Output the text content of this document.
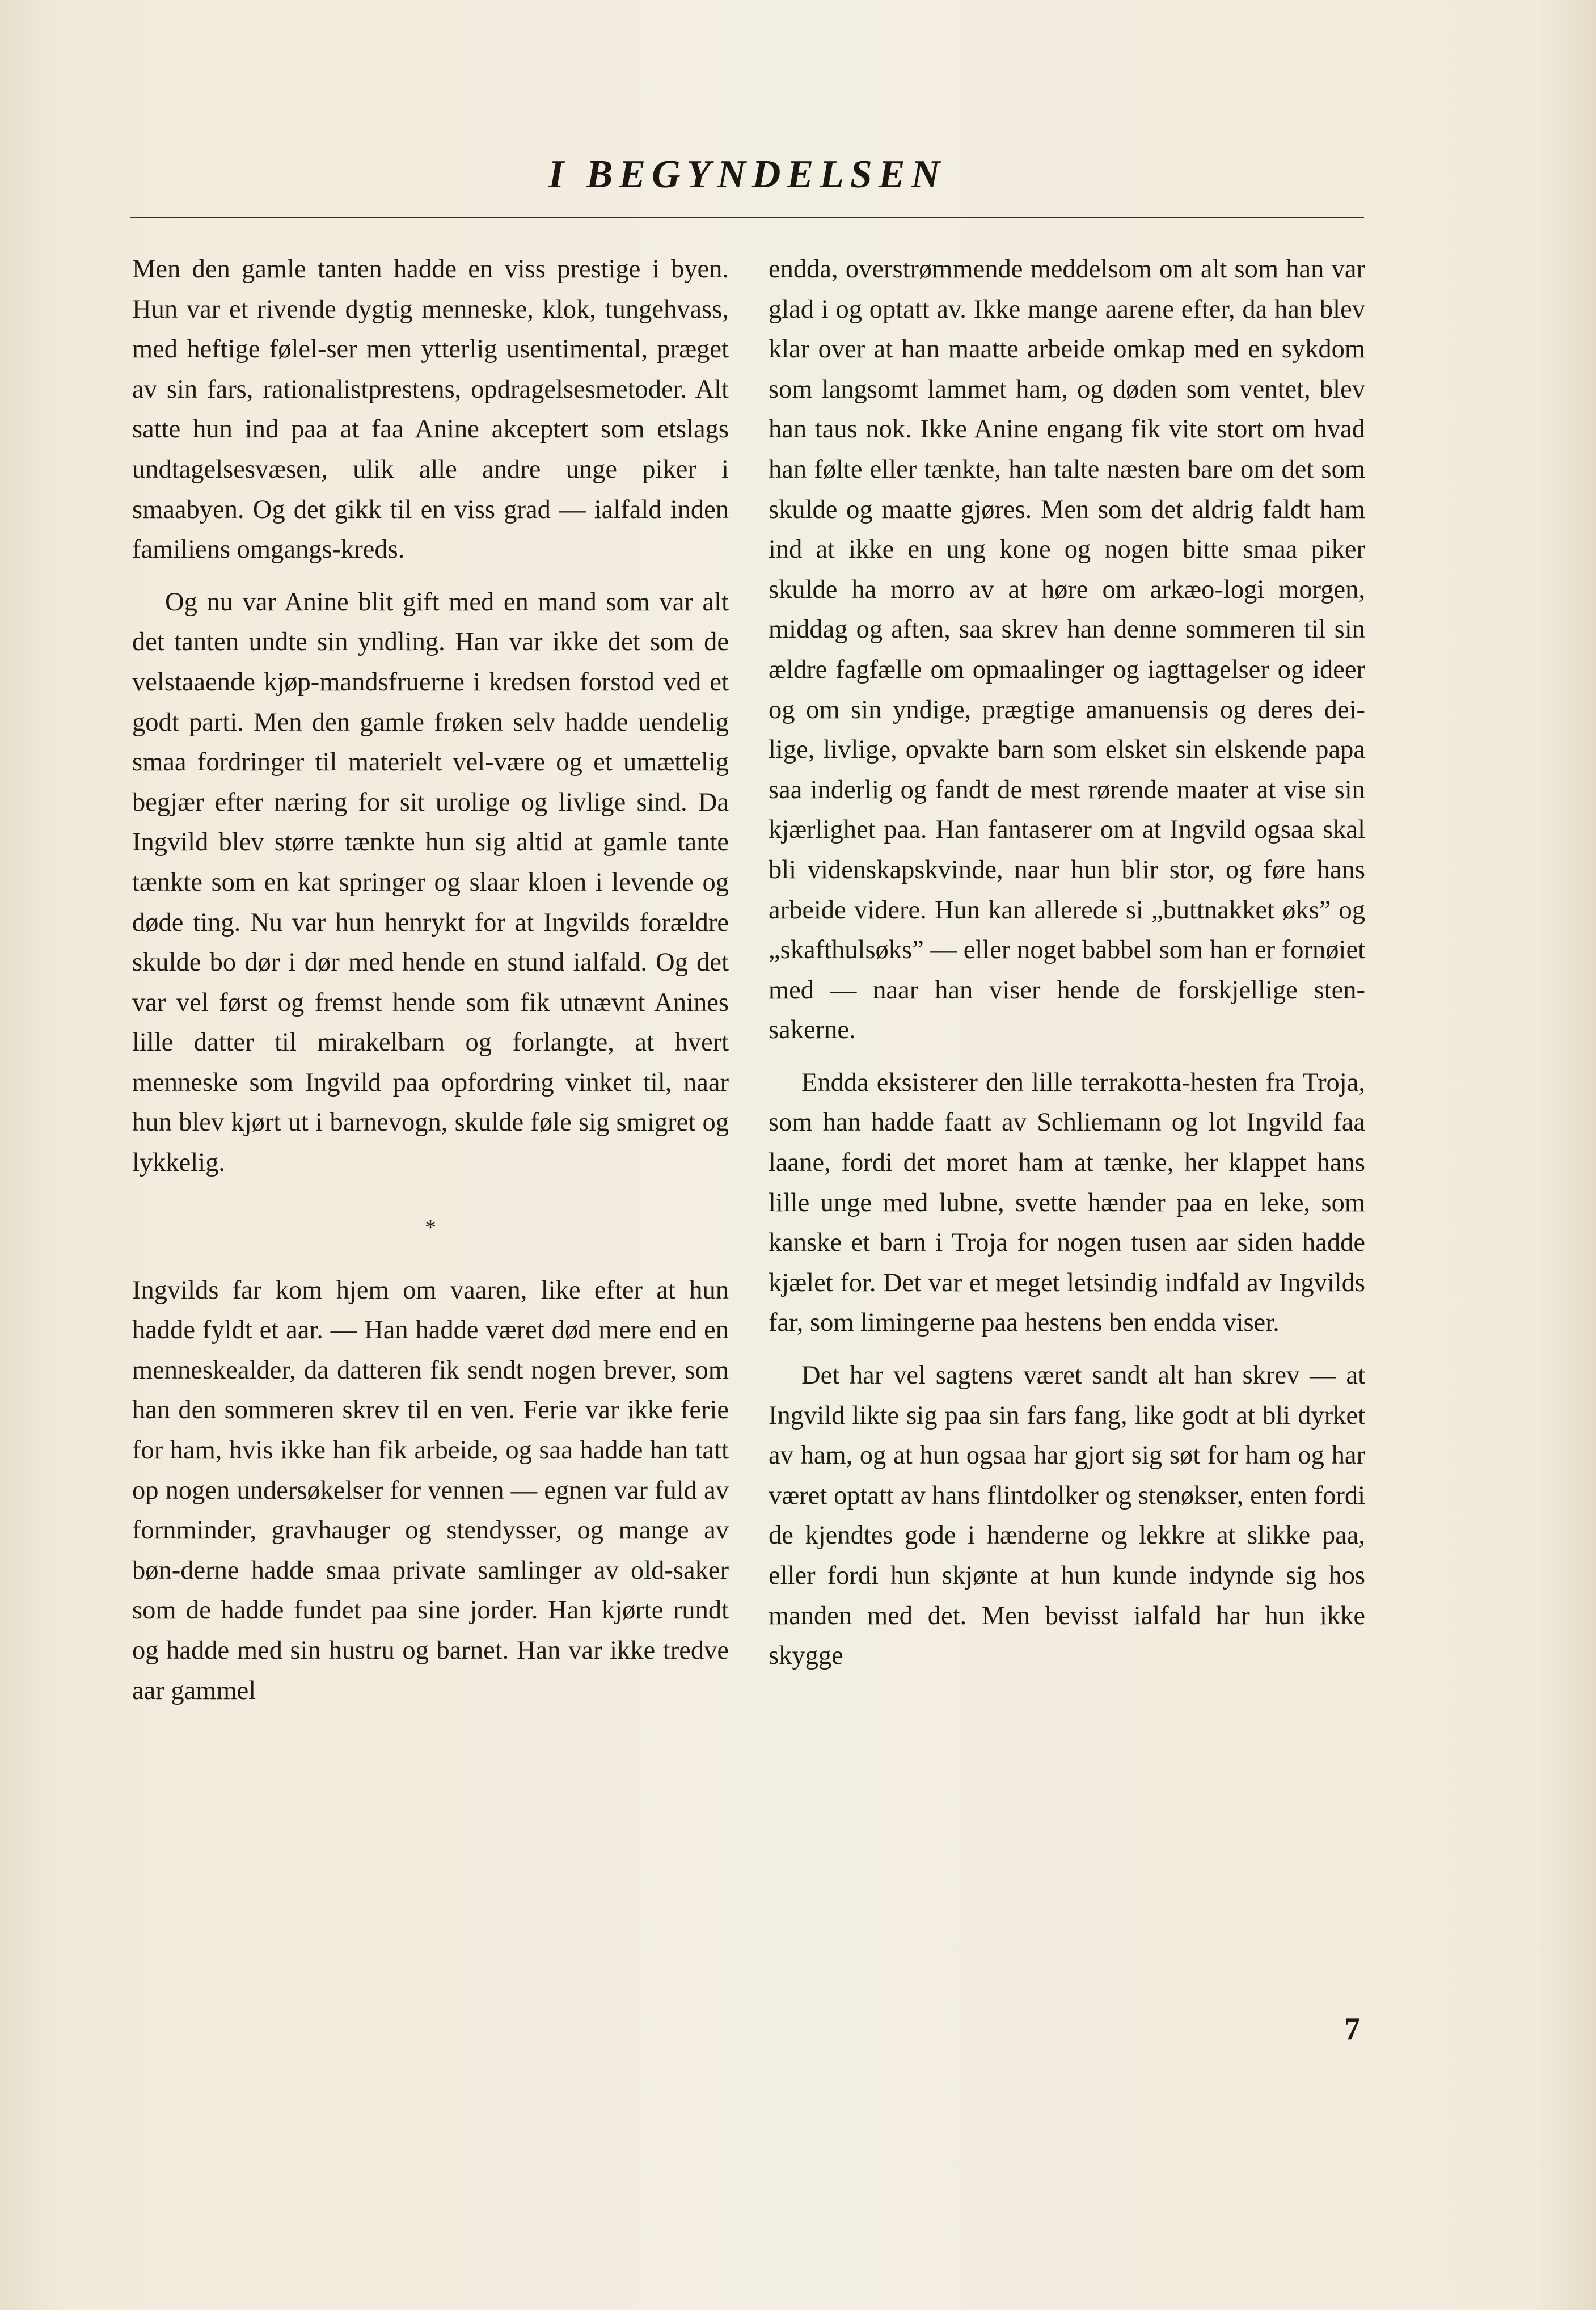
I BEGYNDELSEN

Men den gamle tanten hadde en viss prestige i byen. Hun var et rivende dygtig menneske, klok, tungehvass, med heftige følel-ser men ytterlig usentimental, præget av sin fars, rationalistprestens, opdragelsesmetoder. Alt satte hun ind paa at faa Anine akceptert som etslags undtagelsesvæsen, ulik alle andre unge piker i smaabyen. Og det gikk til en viss grad — ialfald inden familiens omgangs-kreds.

Og nu var Anine blit gift med en mand som var alt det tanten undte sin yndling. Han var ikke det som de velstaaende kjøp-mandsfruerne i kredsen forstod ved et godt parti. Men den gamle frøken selv hadde uendelig smaa fordringer til materielt vel-være og et umættelig begjær efter næring for sit urolige og livlige sind. Da Ingvild blev større tænkte hun sig altid at gamle tante tænkte som en kat springer og slaar kloen i levende og døde ting. Nu var hun henrykt for at Ingvilds forældre skulde bo dør i dør med hende en stund ialfald. Og det var vel først og fremst hende som fik utnævnt Anines lille datter til mirakelbarn og forlangte, at hvert menneske som Ingvild paa opfordring vinket til, naar hun blev kjørt ut i barnevogn, skulde føle sig smigret og lykkelig.

*

Ingvilds far kom hjem om vaaren, like efter at hun hadde fyldt et aar. — Han hadde været død mere end en menneskealder, da datteren fik sendt nogen brever, som han den sommeren skrev til en ven. Ferie var ikke ferie for ham, hvis ikke han fik arbeide, og saa hadde han tatt op nogen undersøkelser for vennen — egnen var fuld av fornminder, gravhauger og stendysser, og mange av bøn-derne hadde smaa private samlinger av old-saker som de hadde fundet paa sine jorder. Han kjørte rundt og hadde med sin hustru og barnet. Han var ikke tredve aar gammel

endda, overstrømmende meddelsom om alt som han var glad i og optatt av. Ikke mange aarene efter, da han blev klar over at han maatte arbeide omkap med en sykdom som langsomt lammet ham, og døden som ventet, blev han taus nok. Ikke Anine engang fik vite stort om hvad han følte eller tænkte, han talte næsten bare om det som skulde og maatte gjøres. Men som det aldrig faldt ham ind at ikke en ung kone og nogen bitte smaa piker skulde ha morro av at høre om arkæo-logi morgen, middag og aften, saa skrev han denne sommeren til sin ældre fagfælle om opmaalinger og iagttagelser og ideer og om sin yndige, prægtige amanuensis og deres dei-lige, livlige, opvakte barn som elsket sin elskende papa saa inderlig og fandt de mest rørende maater at vise sin kjærlighet paa. Han fantaserer om at Ingvild ogsaa skal bli videnskapskvinde, naar hun blir stor, og føre hans arbeide videre. Hun kan allerede si „buttnakket øks” og „skafthulsøks” — eller noget babbel som han er fornøiet med — naar han viser hende de forskjellige sten-sakerne.

Endda eksisterer den lille terrakotta-hesten fra Troja, som han hadde faatt av Schliemann og lot Ingvild faa laane, fordi det moret ham at tænke, her klappet hans lille unge med lubne, svette hænder paa en leke, som kanske et barn i Troja for nogen tusen aar siden hadde kjælet for. Det var et meget letsindig indfald av Ingvilds far, som limingerne paa hestens ben endda viser.

Det har vel sagtens været sandt alt han skrev — at Ingvild likte sig paa sin fars fang, like godt at bli dyrket av ham, og at hun ogsaa har gjort sig søt for ham og har været optatt av hans flintdolker og stenøkser, enten fordi de kjendtes gode i hænderne og lekkre at slikke paa, eller fordi hun skjønte at hun kunde indynde sig hos manden med det. Men bevisst ialfald har hun ikke skygge

7
